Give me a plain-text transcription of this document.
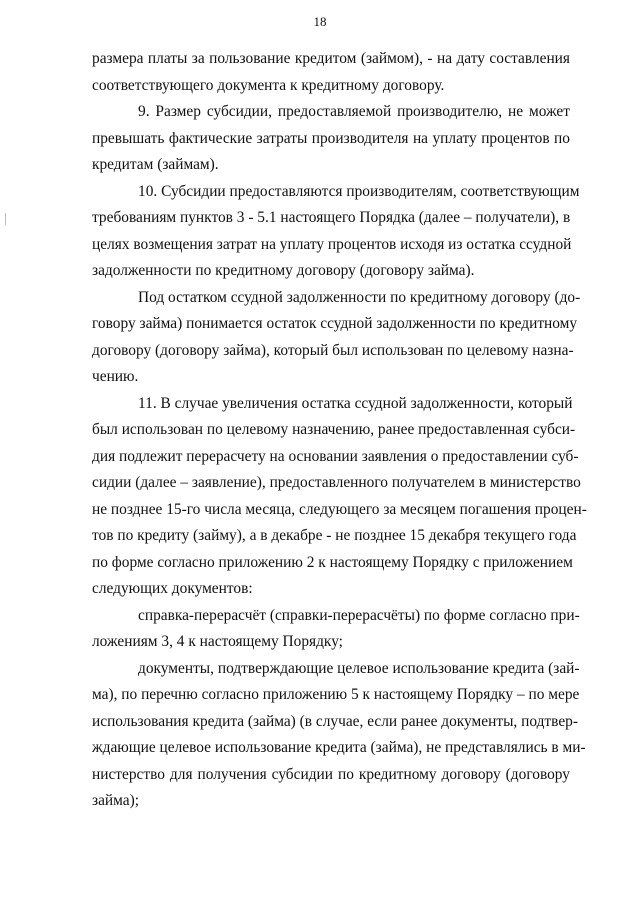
18
размера платы за пользование кредитом (займом), - на дату составления
соответствующего документа к кредитному договору.
9. Размер субсидии, предоставляемой производителю, не может
превышать фактические затраты производителя на уплату процентов по
кредитам (займам).
10. Субсидии предоставляются производителям, соответствующим
требованиям пунктов 3 - 5.1 настоящего Порядка (далее – получатели), в
целях возмещения затрат на уплату процентов исходя из остатка ссудной
задолженности по кредитному договору (договору займа).
Под остатком ссудной задолженности по кредитному договору (до-
говору займа) понимается остаток ссудной задолженности по кредитному
договору (договору займа), который был использован по целевому назна-
чению.
11. В случае увеличения остатка ссудной задолженности, который
был использован по целевому назначению, ранее предоставленная субси-
дия подлежит перерасчету на основании заявления о предоставлении суб-
сидии (далее – заявление), предоставленного получателем в министерство
не позднее 15-го числа месяца, следующего за месяцем погашения процен-
тов по кредиту (займу), а в декабре - не позднее 15 декабря текущего года
по форме согласно приложению 2 к настоящему Порядку с приложением
следующих документов:
справка-перерасчёт (справки-перерасчёты) по форме согласно при-
ложениям 3, 4 к настоящему Порядку;
документы, подтверждающие целевое использование кредита (зай-
ма), по перечню согласно приложению 5 к настоящему Порядку – по мере
использования кредита (займа) (в случае, если ранее документы, подтвер-
ждающие целевое использование кредита (займа), не представлялись в ми-
нистерство для получения субсидии по кредитному договору (договору
займа);
